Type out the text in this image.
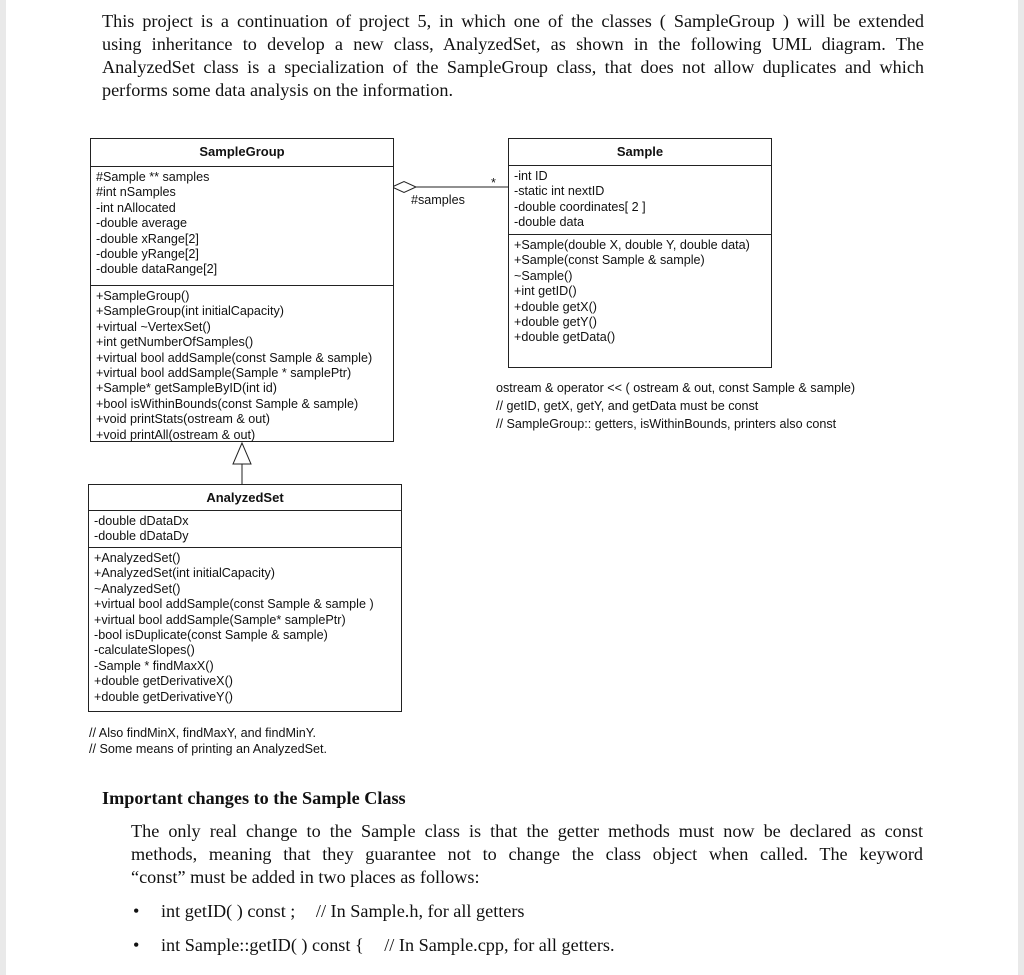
This project is a continuation of project 5, in which one of the classes ( SampleGroup ) will be extended
using inheritance to develop a new class, AnalyzedSet, as shown in the following UML diagram. The
AnalyzedSet class is a specialization of the SampleGroup class, that does not allow duplicates and which
performs some data analysis on the information.

SampleGroup
#Sample ** samples
#int nSamples
-int nAllocated
-double average
-double xRange[2]
-double yRange[2]
-double dataRange[2]
+SampleGroup()
+SampleGroup(int initialCapacity)
+virtual ~VertexSet()
+int getNumberOfSamples()
+virtual bool addSample(const Sample & sample)
+virtual bool addSample(Sample * samplePtr)
+Sample* getSampleByID(int id)
+bool isWithinBounds(const Sample & sample)
+void printStats(ostream & out)
+void printAll(ostream & out)
Sample
-int ID
-static int nextID
-double coordinates[ 2 ]
-double data
+Sample(double X, double Y, double data)
+Sample(const Sample & sample)
~Sample()
+int getID()
+double getX()
+double getY()
+double getData()
#samples
*
ostream & operator << ( ostream & out, const Sample & sample)
// getID, getX, getY, and getData must be const
// SampleGroup:: getters, isWithinBounds, printers also const
AnalyzedSet
-double dDataDx
-double dDataDy
+AnalyzedSet()
+AnalyzedSet(int initialCapacity)
~AnalyzedSet()
+virtual bool addSample(const Sample & sample )
+virtual bool addSample(Sample* samplePtr)
-bool isDuplicate(const Sample & sample)
-calculateSlopes()
-Sample * findMaxX()
+double getDerivativeX()
+double getDerivativeY()
// Also findMinX, findMaxY, and findMinY.
// Some means of printing an AnalyzedSet.
Important changes to the Sample Class

The only real change to the Sample class is that the getter methods must now be declared as const
methods, meaning that they guarantee not to change the class object when called. The keyword
“const” must be added in two places as follows:

• int getID( ) const ; // In Sample.h, for all getters
• int Sample::getID( ) const { // In Sample.cpp, for all getters.
